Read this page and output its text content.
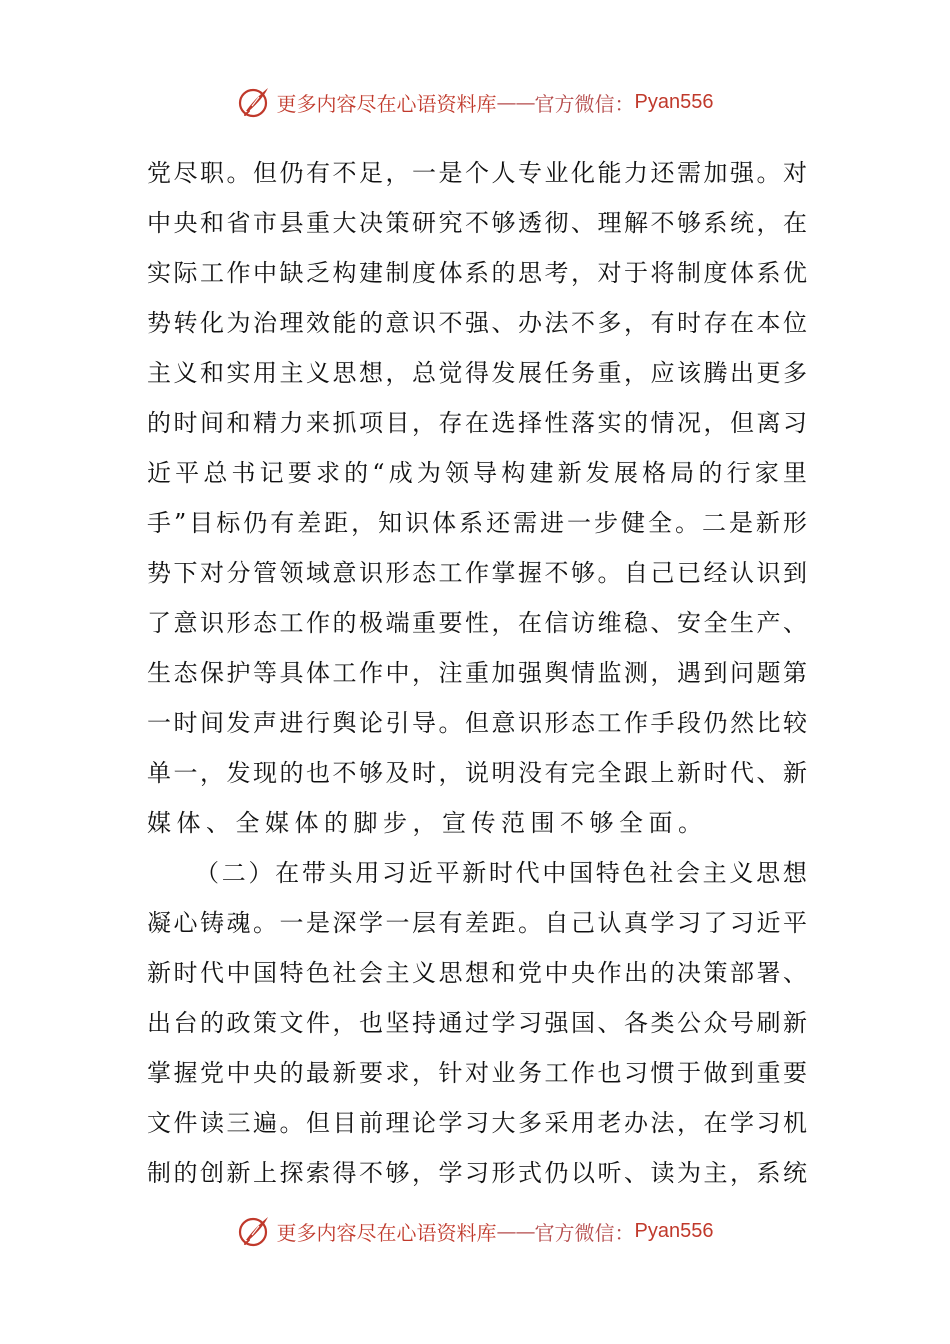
更多内容尽在心语资料库 —— 官方微信： Pyan556
党 尽 职 。 但 仍 有 不 足 ， 一 是 个 人 专 业 化 能 力 还 需 加 强 。 对
中 央 和 省 市 县 重 大 决 策 研 究 不 够 透 彻 、 理 解 不 够 系 统 ， 在
实 际 工 作 中 缺 乏 构 建 制 度 体 系 的 思 考 ， 对 于 将 制 度 体 系 优
势 转 化 为 治 理 效 能 的 意 识 不 强 、 办 法 不 多 ， 有 时 存 在 本 位
主 义 和 实 用 主 义 思 想 ， 总 觉 得 发 展 任 务 重 ， 应 该 腾 出 更 多
的 时 间 和 精 力 来 抓 项 目 ， 存 在 选 择 性 落 实 的 情 况 ， 但 离 习
近 平 总 书 记 要 求 的 “ 成 为 领 导 构 建 新 发 展 格 局 的 行 家 里
手 ” 目 标 仍 有 差 距 ， 知 识 体 系 还 需 进 一 步 健 全 。 二 是 新 形
势 下 对 分 管 领 域 意 识 形 态 工 作 掌 握 不 够 。 自 己 已 经 认 识 到
了 意 识 形 态 工 作 的 极 端 重 要 性 ， 在 信 访 维 稳 、 安 全 生 产 、
生 态 保 护 等 具 体 工 作 中 ， 注 重 加 强 舆 情 监 测 ， 遇 到 问 题 第
一 时 间 发 声 进 行 舆 论 引 导 。 但 意 识 形 态 工 作 手 段 仍 然 比 较
单 一 ， 发 现 的 也 不 够 及 时 ， 说 明 没 有 完 全 跟 上 新 时 代 、 新
媒体、全媒体的脚步，宣传范围不够全面。
（ 二 ） 在 带 头 用 习 近 平 新 时 代 中 国 特 色 社 会 主 义 思 想
凝 心 铸 魂 。 一 是 深 学 一 层 有 差 距 。 自 己 认 真 学 习 了 习 近 平
新 时 代 中 国 特 色 社 会 主 义 思 想 和 党 中 央 作 出 的 决 策 部 署 、
出 台 的 政 策 文 件 ， 也 坚 持 通 过 学 习 强 国 、 各 类 公 众 号 刷 新
掌 握 党 中 央 的 最 新 要 求 ， 针 对 业 务 工 作 也 习 惯 于 做 到 重 要
文 件 读 三 遍 。 但 目 前 理 论 学 习 大 多 采 用 老 办 法 ， 在 学 习 机
制 的 创 新 上 探 索 得 不 够 ， 学 习 形 式 仍 以 听 、 读 为 主 ， 系 统
更多内容尽在心语资料库 —— 官方微信： Pyan556
